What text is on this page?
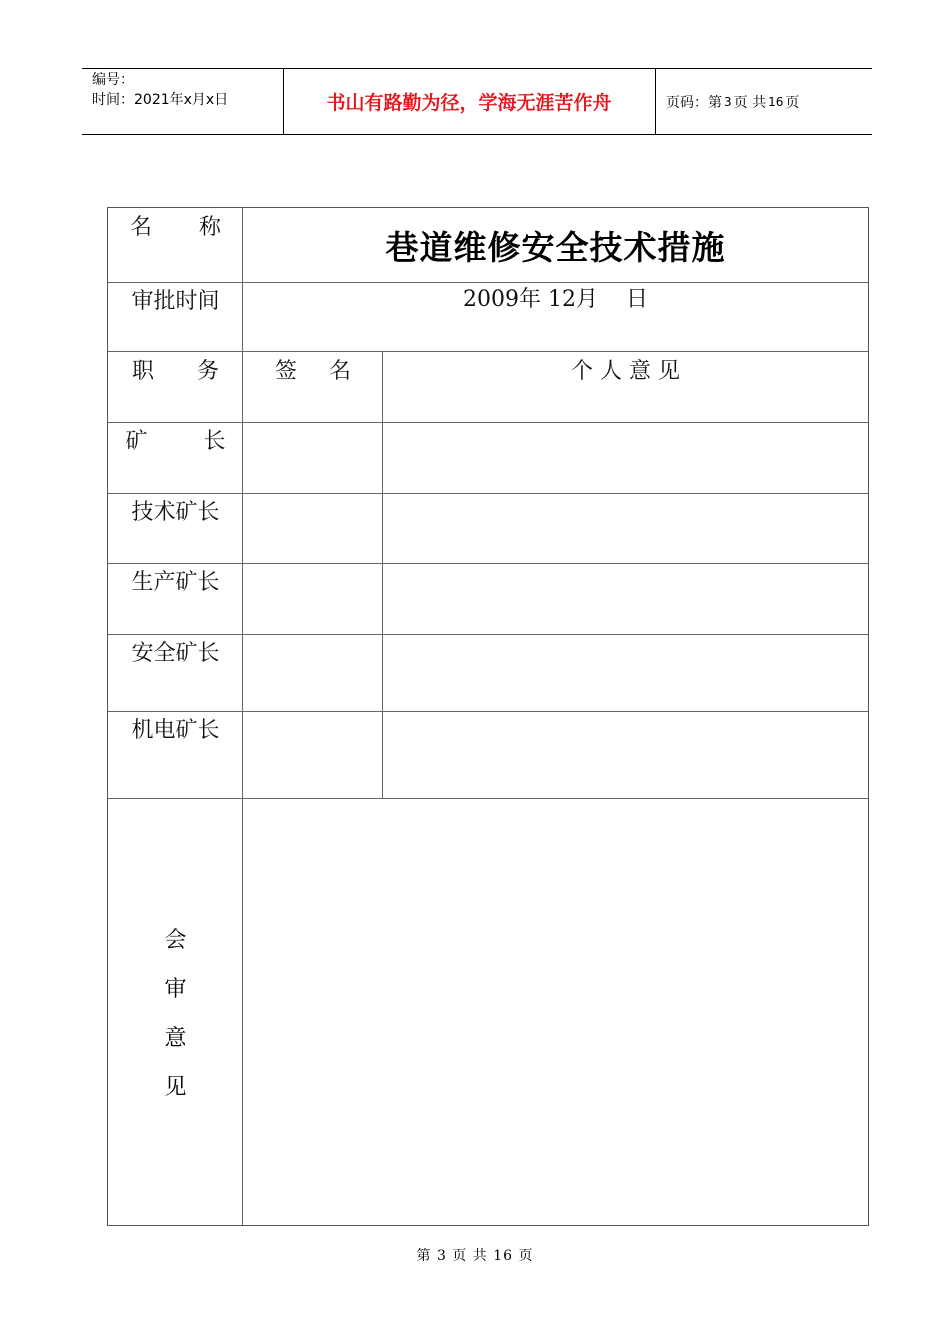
编号：
时间：2021年x月x日	书山有路勤为径，学海无涯苦作舟	页码：第 3 页 共 16 页
名 称	巷道维修安全技术措施
审批时间	2009年 12月    日
职 务	签 名	个 人 意 见
矿        长
技术矿长
生产矿长
安全矿长
机电矿长
会
审
意
见
第 3 页 共 16 页
